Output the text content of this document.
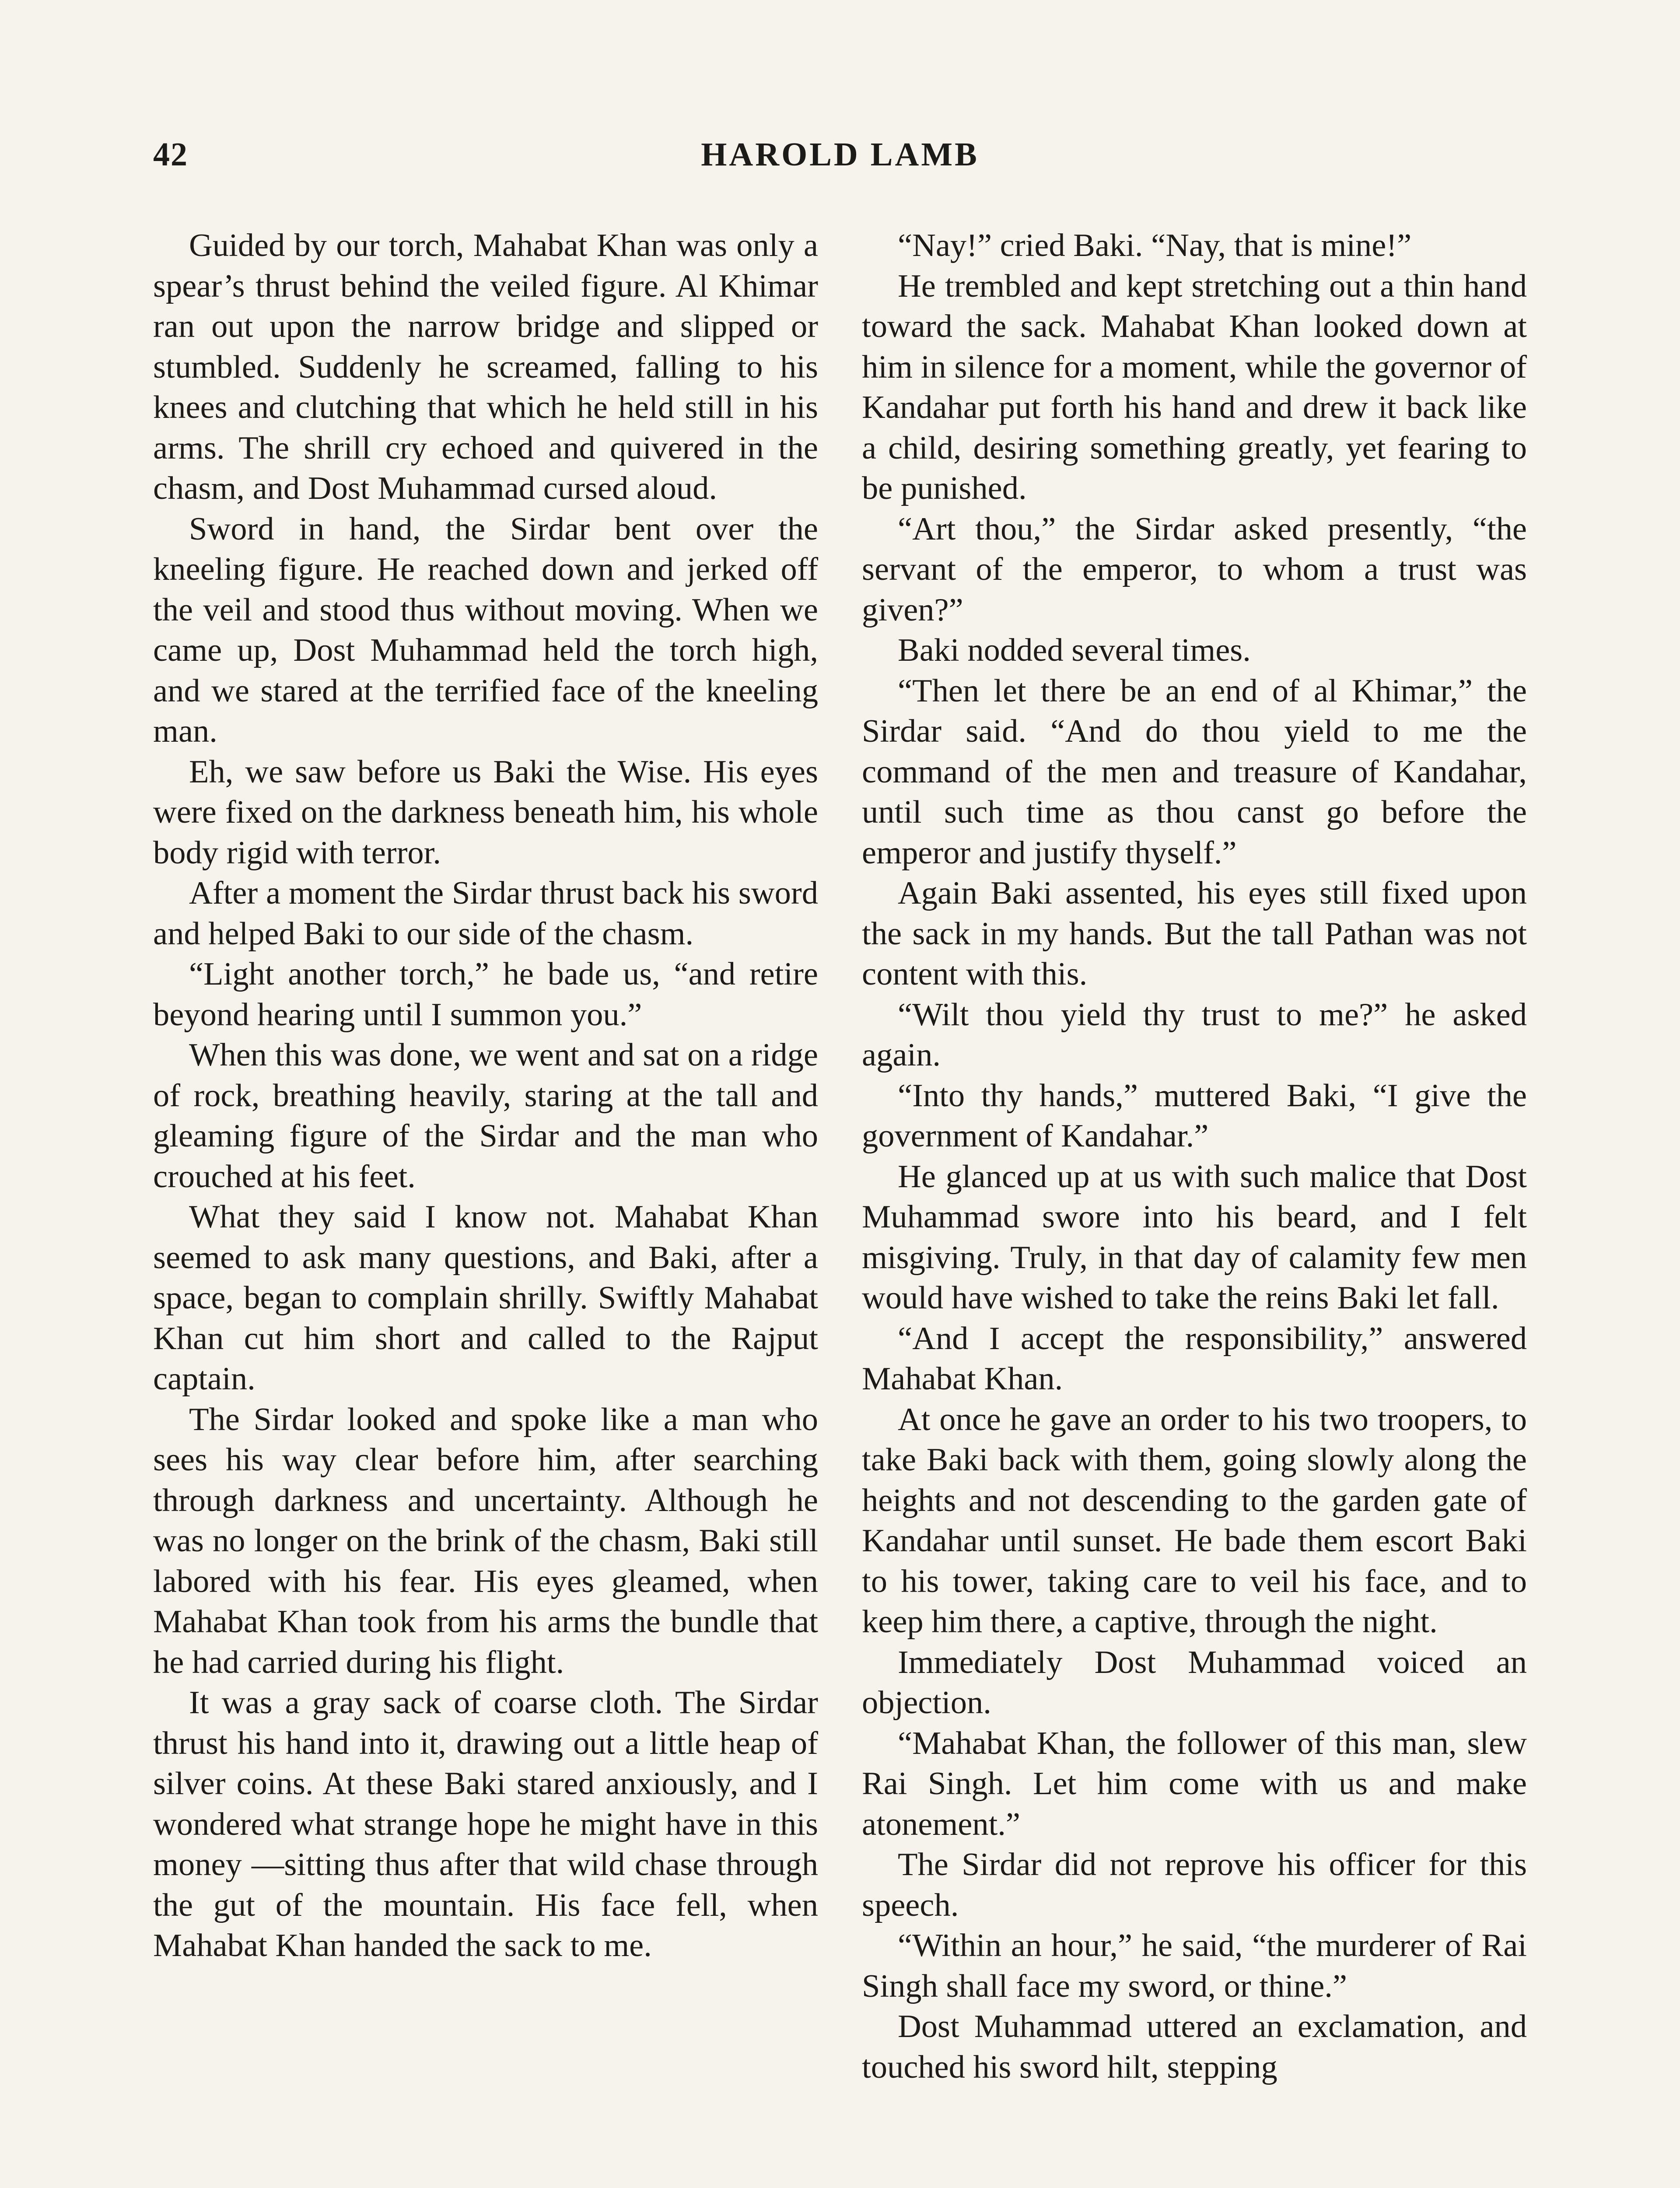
42	HAROLD LAMB

Guided by our torch, Mahabat Khan was only a spear’s thrust behind the veiled figure. Al Khimar ran out upon the narrow bridge and slipped or stumbled. Suddenly he screamed, falling to his knees and clutching that which he held still in his arms. The shrill cry echoed and quivered in the chasm, and Dost Muhammad cursed aloud.

Sword in hand, the Sirdar bent over the kneeling figure. He reached down and jerked off the veil and stood thus without moving. When we came up, Dost Muhammad held the torch high, and we stared at the terrified face of the kneeling man.

Eh, we saw before us Baki the Wise. His eyes were fixed on the darkness beneath him, his whole body rigid with terror.

After a moment the Sirdar thrust back his sword and helped Baki to our side of the chasm.

“Light another torch,” he bade us, “and retire beyond hearing until I summon you.”

When this was done, we went and sat on a ridge of rock, breathing heavily, staring at the tall and gleaming figure of the Sirdar and the man who crouched at his feet.

What they said I know not. Mahabat Khan seemed to ask many questions, and Baki, after a space, began to complain shrilly. Swiftly Mahabat Khan cut him short and called to the Rajput captain.

The Sirdar looked and spoke like a man who sees his way clear before him, after searching through darkness and uncertainty. Although he was no longer on the brink of the chasm, Baki still labored with his fear. His eyes gleamed, when Mahabat Khan took from his arms the bundle that he had carried during his flight.

It was a gray sack of coarse cloth. The Sirdar thrust his hand into it, drawing out a little heap of silver coins. At these Baki stared anxiously, and I wondered what strange hope he might have in this money —sitting thus after that wild chase through the gut of the mountain. His face fell, when Mahabat Khan handed the sack to me.

“Nay!” cried Baki. “Nay, that is mine!”

He trembled and kept stretching out a thin hand toward the sack. Mahabat Khan looked down at him in silence for a moment, while the governor of Kandahar put forth his hand and drew it back like a child, desiring something greatly, yet fearing to be punished.

“Art thou,” the Sirdar asked presently, “the servant of the emperor, to whom a trust was given?”

Baki nodded several times.

“Then let there be an end of al Khimar,” the Sirdar said. “And do thou yield to me the command of the men and treasure of Kandahar, until such time as thou canst go before the emperor and justify thyself.”

Again Baki assented, his eyes still fixed upon the sack in my hands. But the tall Pathan was not content with this.

“Wilt thou yield thy trust to me?” he asked again.

“Into thy hands,” muttered Baki, “I give the government of Kandahar.”

He glanced up at us with such malice that Dost Muhammad swore into his beard, and I felt misgiving. Truly, in that day of calamity few men would have wished to take the reins Baki let fall.

“And I accept the responsibility,” answered Mahabat Khan.

At once he gave an order to his two troopers, to take Baki back with them, going slowly along the heights and not descending to the garden gate of Kandahar until sunset. He bade them escort Baki to his tower, taking care to veil his face, and to keep him there, a captive, through the night.

Immediately Dost Muhammad voiced an objection.

“Mahabat Khan, the follower of this man, slew Rai Singh. Let him come with us and make atonement.”

The Sirdar did not reprove his officer for this speech.

“Within an hour,” he said, “the murderer of Rai Singh shall face my sword, or thine.”

Dost Muhammad uttered an exclamation, and touched his sword hilt, stepping
